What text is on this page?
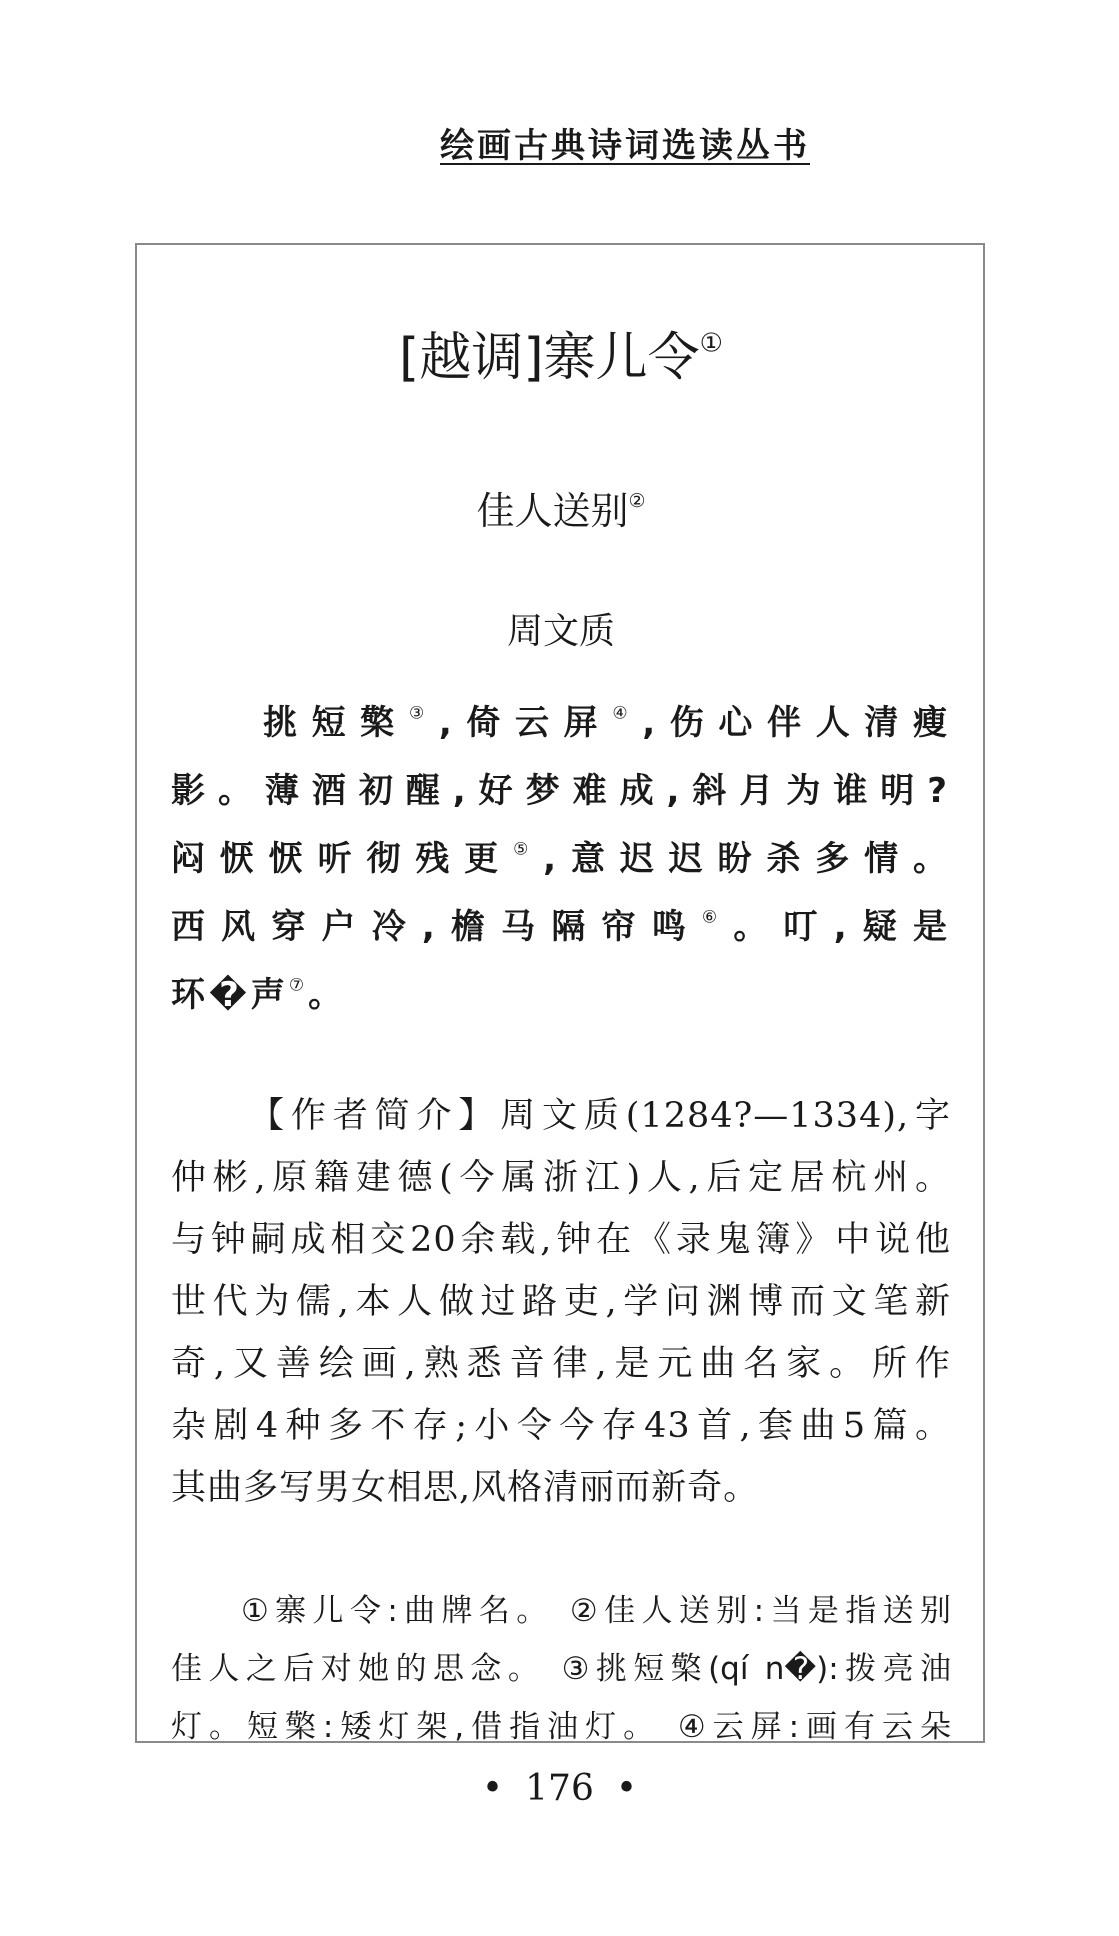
绘画古典诗词选读丛书
[越调]寨儿令①
佳人送别②
周文质
挑短檠③,倚云屏④,伤心伴人清瘦
影。薄酒初醒,好梦难成,斜月为谁明?
闷恹恹听彻残更⑤,意迟迟盼杀多情。
西风穿户冷,檐马隔帘鸣⑥。叮,疑是
环�声⑦。
【作者简介】周文质(1284?—1334),字
仲彬,原籍建德(今属浙江)人,后定居杭州。
与钟嗣成相交20余载,钟在《录鬼簿》中说他
世代为儒,本人做过路吏,学问渊博而文笔新
奇,又善绘画,熟悉音律,是元曲名家。所作
杂剧4种多不存;小令今存43首,套曲5篇。
其曲多写男女相思,风格清丽而新奇。
①寨儿令:曲牌名。 ②佳人送别:当是指送别
佳人之后对她的思念。 ③挑短檠(qí n�):拨亮油
灯。短檠:矮灯架,借指油灯。 ④云屏:画有云朵
• 176 •
